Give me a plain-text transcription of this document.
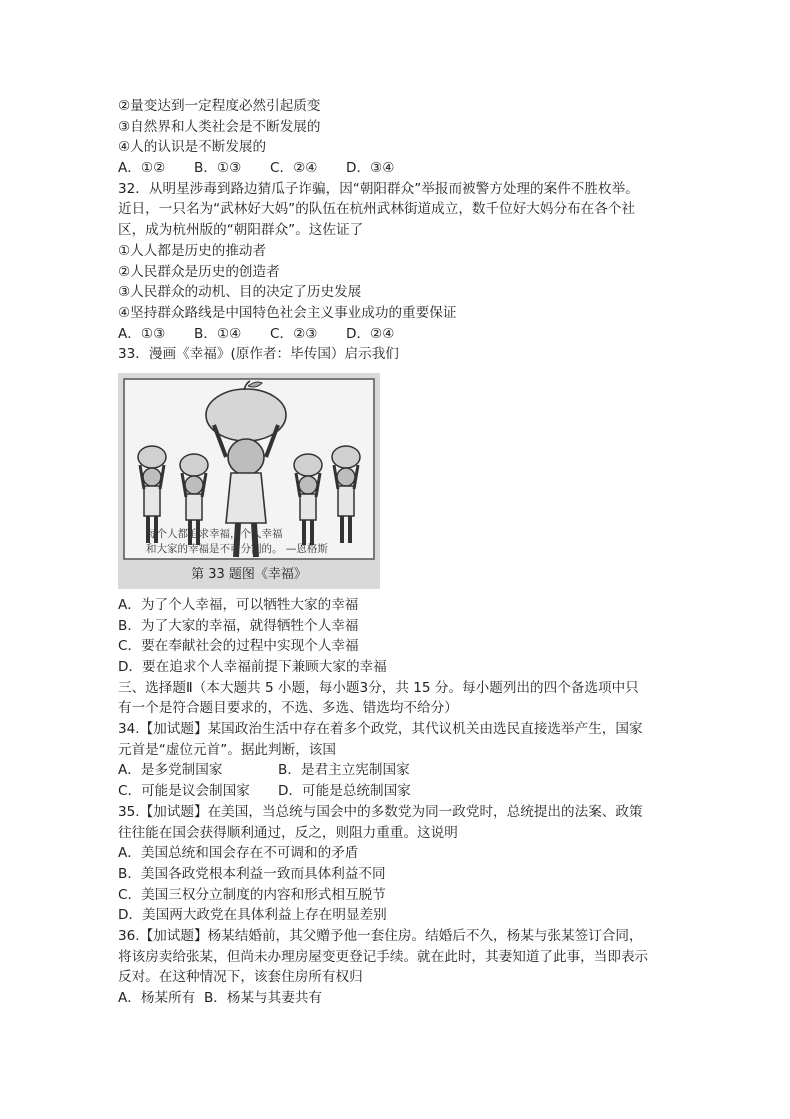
②量变达到一定程度必然引起质变
③自然界和人类社会是不断发展的
④人的认识是不断发展的
A．①② B．①③ C．②④ D．③④
32．从明星涉毒到路边猜瓜子诈骗，因“朝阳群众”举报而被警方处理的案件不胜枚举。
近日，一只名为“武林好大妈”的队伍在杭州武林街道成立，数千位好大妈分布在各个社
区，成为杭州版的“朝阳群众”。这佐证了
①人人都是历史的推动者
②人民群众是历史的创造者
③人民群众的动机、目的决定了历史发展
④坚持群众路线是中国特色社会主义事业成功的重要保证
A．①③ B．①④ C．②③ D．②④
33．漫画《幸福》(原作者：毕传国）启示我们
每个人都追求幸福，个人幸福
和大家的幸福是不可分割的。 —恩格斯
第 33 题图《幸福》
A．为了个人幸福，可以牺牲大家的幸福
B．为了大家的幸福，就得牺牲个人幸福
C．要在奉献社会的过程中实现个人幸福
D．要在追求个人幸福前提下兼顾大家的幸福
三、选择题Ⅱ（本大题共 5 小题，每小题3分，共 15 分。每小题列出的四个备选项中只
有一个是符合题目要求的，不选、多选、错选均不给分）
34.【加试题】某国政治生活中存在着多个政党，其代议机关由选民直接选举产生，国家
元首是“虚位元首”。据此判断，该国
A．是多党制国家	B．是君主立宪制国家
C．可能是议会制国家 D．可能是总统制国家
35.【加试题】在美国，当总统与国会中的多数党为同一政党时，总统提出的法案、政策
往往能在国会获得顺利通过，反之，则阻力重重。这说明
A．美国总统和国会存在不可调和的矛盾
B．美国各政党根本利益一致而具体利益不同
C．美国三权分立制度的内容和形式相互脱节
D．美国两大政党在具体利益上存在明显差别
36.【加试题】杨某结婚前，其父赠予他一套住房。结婚后不久，杨某与张某签订合同，
将该房卖给张某，但尚未办理房屋变更登记手续。就在此时，其妻知道了此事，当即表示
反对。在这种情况下，该套住房所有权归
A．杨某所有 B．杨某与其妻共有
